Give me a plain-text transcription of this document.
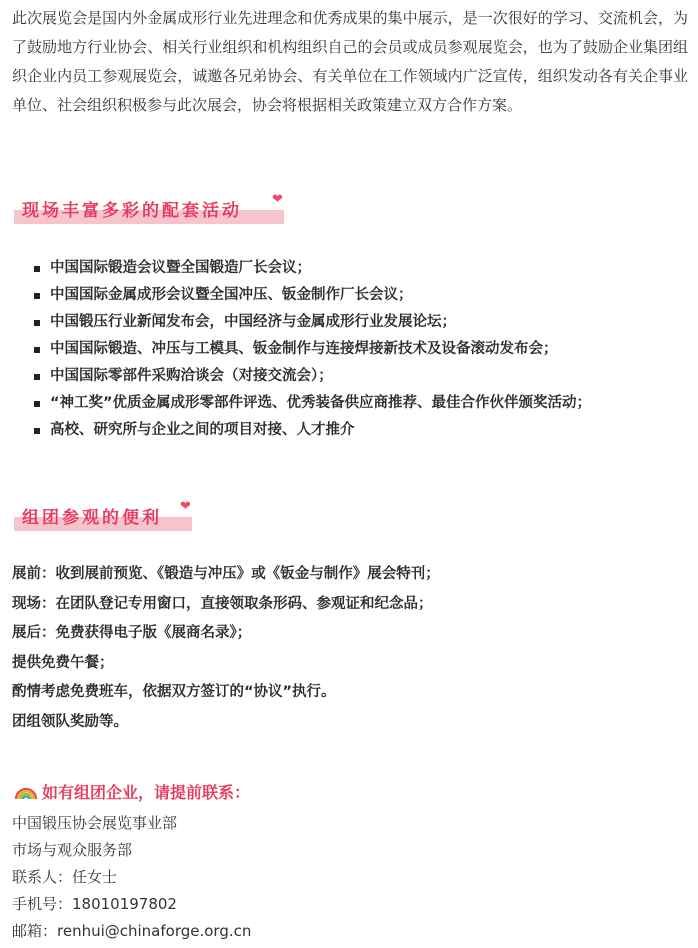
此次展览会是国内外金属成形行业先进理念和优秀成果的集中展示，是一次很好的学习、交流机会，为了鼓励地方行业协会、相关行业组织和机构组织自己的会员或成员参观展览会，也为了鼓励企业集团组织企业内员工参观展览会，诚邀各兄弟协会、有关单位在工作领域内广泛宣传，组织发动各有关企事业单位、社会组织积极参与此次展会，协会将根据相关政策建立双方合作方案。

现场丰富多彩的配套活动
❤
中国国际锻造会议暨全国锻造厂长会议；
中国国际金属成形会议暨全国冲压、钣金制作厂长会议；
中国锻压行业新闻发布会，中国经济与金属成形行业发展论坛；
中国国际锻造、冲压与工模具、钣金制作与连接焊接新技术及设备滚动发布会；
中国国际零部件采购洽谈会（对接交流会）；
“神工奖”优质金属成形零部件评选、优秀装备供应商推荐、最佳合作伙伴颁奖活动；
高校、研究所与企业之间的项目对接、人才推介
组团参观的便利
❤
展前：收到展前预览、《锻造与冲压》或《钣金与制作》展会特刊；
现场：在团队登记专用窗口，直接领取条形码、参观证和纪念品；
展后：免费获得电子版《展商名录》；
提供免费午餐；
酌情考虑免费班车，依据双方签订的“协议”执行。
团组领队奖励等。
如有组团企业，请提前联系：
中国锻压协会展览事业部
市场与观众服务部
联系人：任女士
手机号：18010197802
邮箱：renhui@chinaforge.org.cn
